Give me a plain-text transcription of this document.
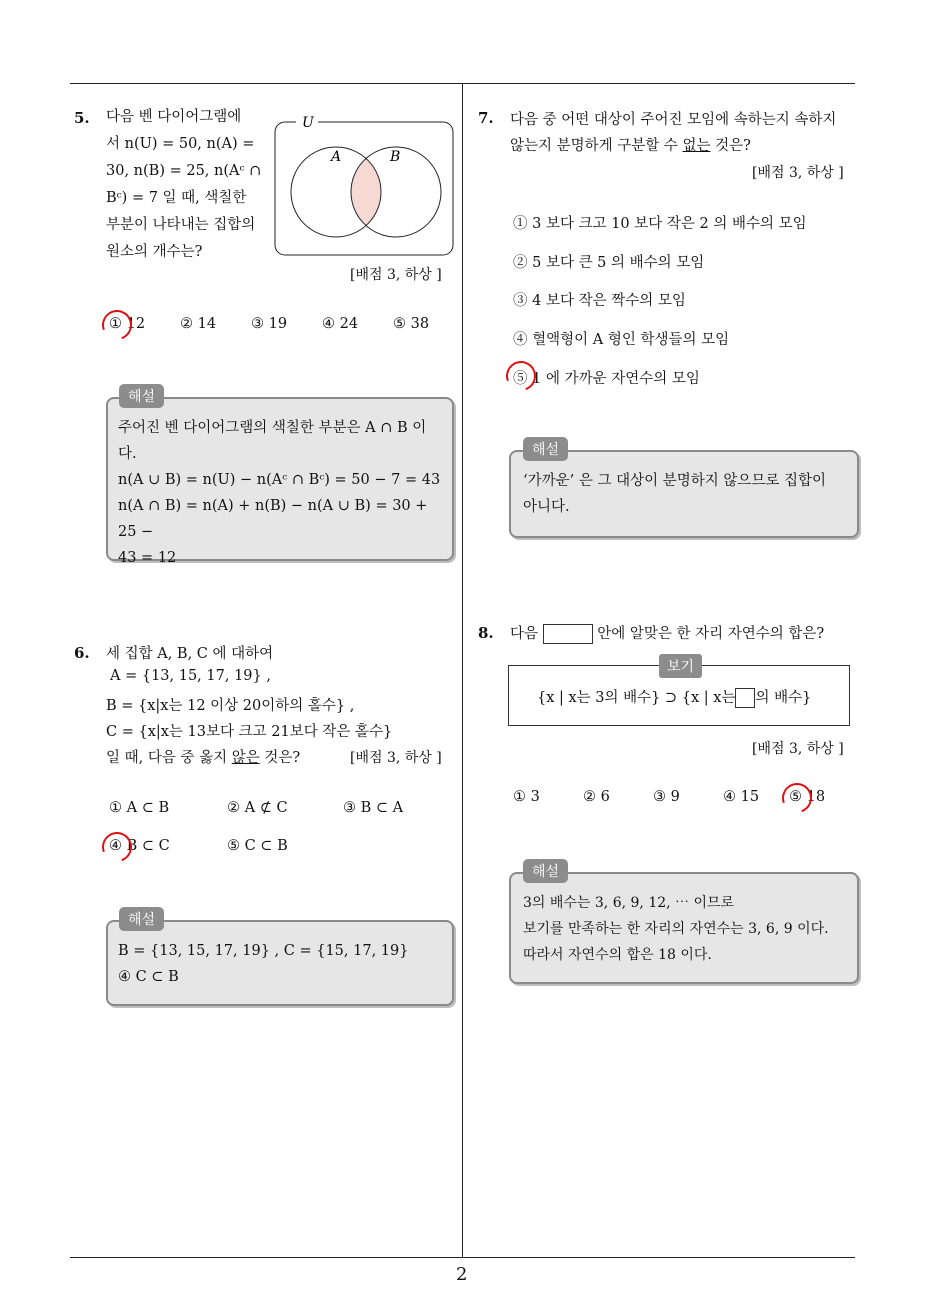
5. 다음 벤 다이어그램에
서 n(U) = 50, n(A) =
30, n(B) = 25, n(Aᶜ ∩
Bᶜ) = 7 일 때, 색칠한
부분이 나타내는 집합의
원소의 개수는?
U
A	B
[배점 3, 하상 ]
① 12	② 14	③ 19	④ 24	⑤ 38
주어진 벤 다이어그램의 색칠한 부분은 A ∩ B 이
다.
n(A ∪ B) = n(U) − n(Aᶜ ∩ Bᶜ) = 50 − 7 = 43
n(A ∩ B) = n(A) + n(B) − n(A ∪ B) = 30 + 25 −
43 = 12
해설
6. 세 집합 A, B, C 에 대하여
A = {13, 15, 17, 19} ,
B = {x|x는 12 이상 20이하의 홀수} ,
C = {x|x는 13보다 크고 21보다 작은 홀수}
일 때, 다음 중 옳지 않은 것은?	[배점 3, 하상 ]
① A ⊂ B	② A ⊄ C	③ B ⊂ A
④ B ⊂ C	⑤ C ⊂ B
B = {13, 15, 17, 19} , C = {15, 17, 19}
④ C ⊂ B
해설
7. 다음 중 어떤 대상이 주어진 모임에 속하는지 속하지
않는지 분명하게 구분할 수 없는 것은?
[배점 3, 하상 ]
① 3 보다 크고 10 보다 작은 2 의 배수의 모임
② 5 보다 큰 5 의 배수의 모임
③ 4 보다 작은 짝수의 모임
④ 혈액형이 A 형인 학생들의 모임
⑤ 1 에 가까운 자연수의 모임
‘가까운’ 은 그 대상이 분명하지 않으므로 집합이
아니다.
해설
8. 다음	안에 알맞은 한 자리 자연수의 합은?
{x | x는 3의 배수} ⊃ {x | x는 의 배수}
보기
[배점 3, 하상 ]
① 3	② 6	③ 9	④ 15	⑤ 18
3의 배수는 3, 6, 9, 12, ⋯ 이므로
보기를 만족하는 한 자리의 자연수는 3, 6, 9 이다.
따라서 자연수의 합은 18 이다.
해설
2
